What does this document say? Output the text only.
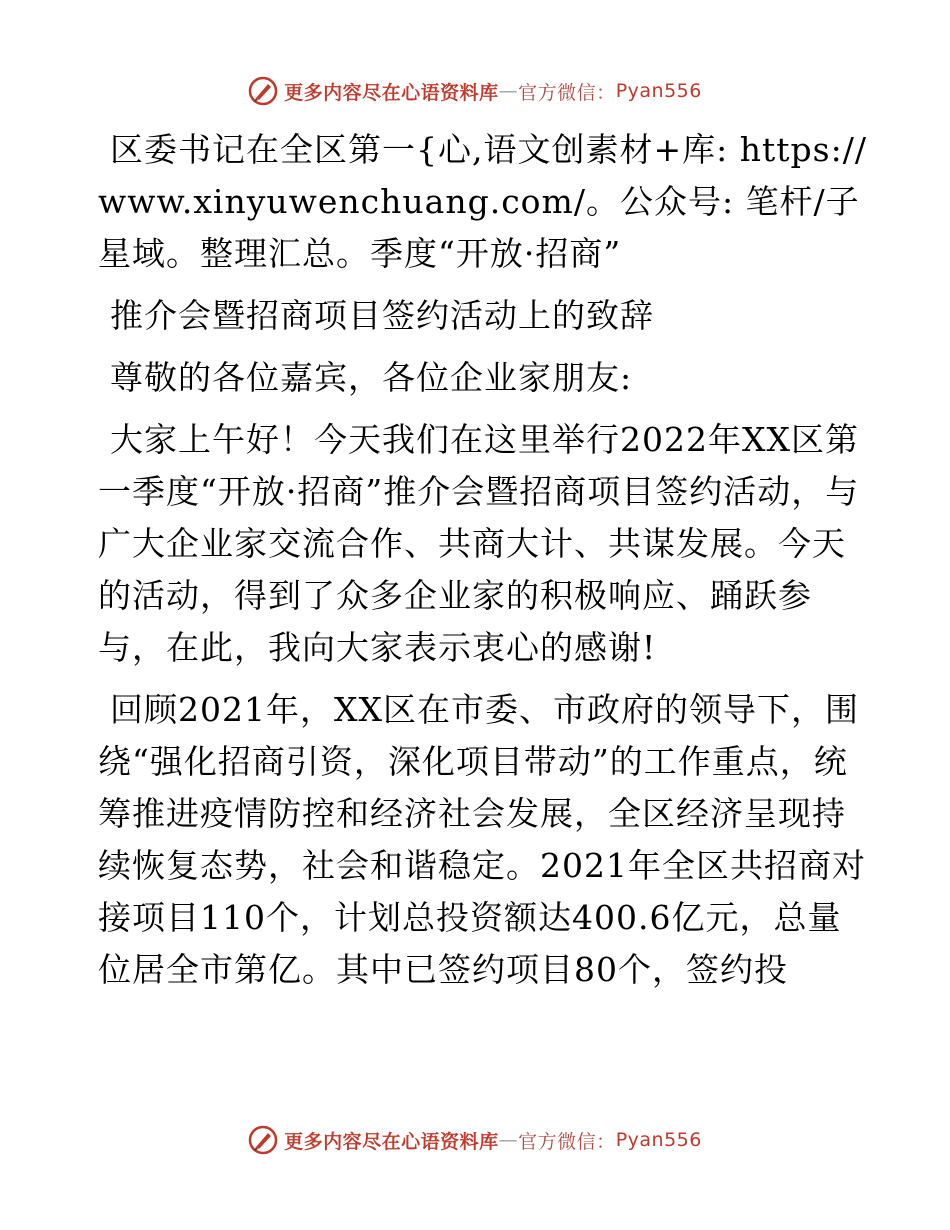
更多内容尽在心语资料库 — 官方微信： Pyan556

区委书记在全区第一{心,语文创素材+库: https://www.xinyuwenchuang.com/。公众号: 笔杆/子星域。整理汇总。季度“开放·招商”

推介会暨招商项目签约活动上的致辞

尊敬的各位嘉宾，各位企业家朋友:

大家上午好！今天我们在这里举行2022年XX区第一季度“开放·招商”推介会暨招商项目签约活动，与广大企业家交流合作、共商大计、共谋发展。今天的活动，得到了众多企业家的积极响应、踊跃参与，在此，我向大家表示衷心的感谢!

回顾2021年，XX区在市委、市政府的领导下，围绕“强化招商引资，深化项目带动”的工作重点，统筹推进疫情防控和经济社会发展，全区经济呈现持续恢复态势，社会和谐稳定。2021年全区共招商对接项目110个，计划总投资额达400.6亿元，总量位居全市第亿。其中已签约项目80个，签约投

更多内容尽在心语资料库 — 官方微信： Pyan556
